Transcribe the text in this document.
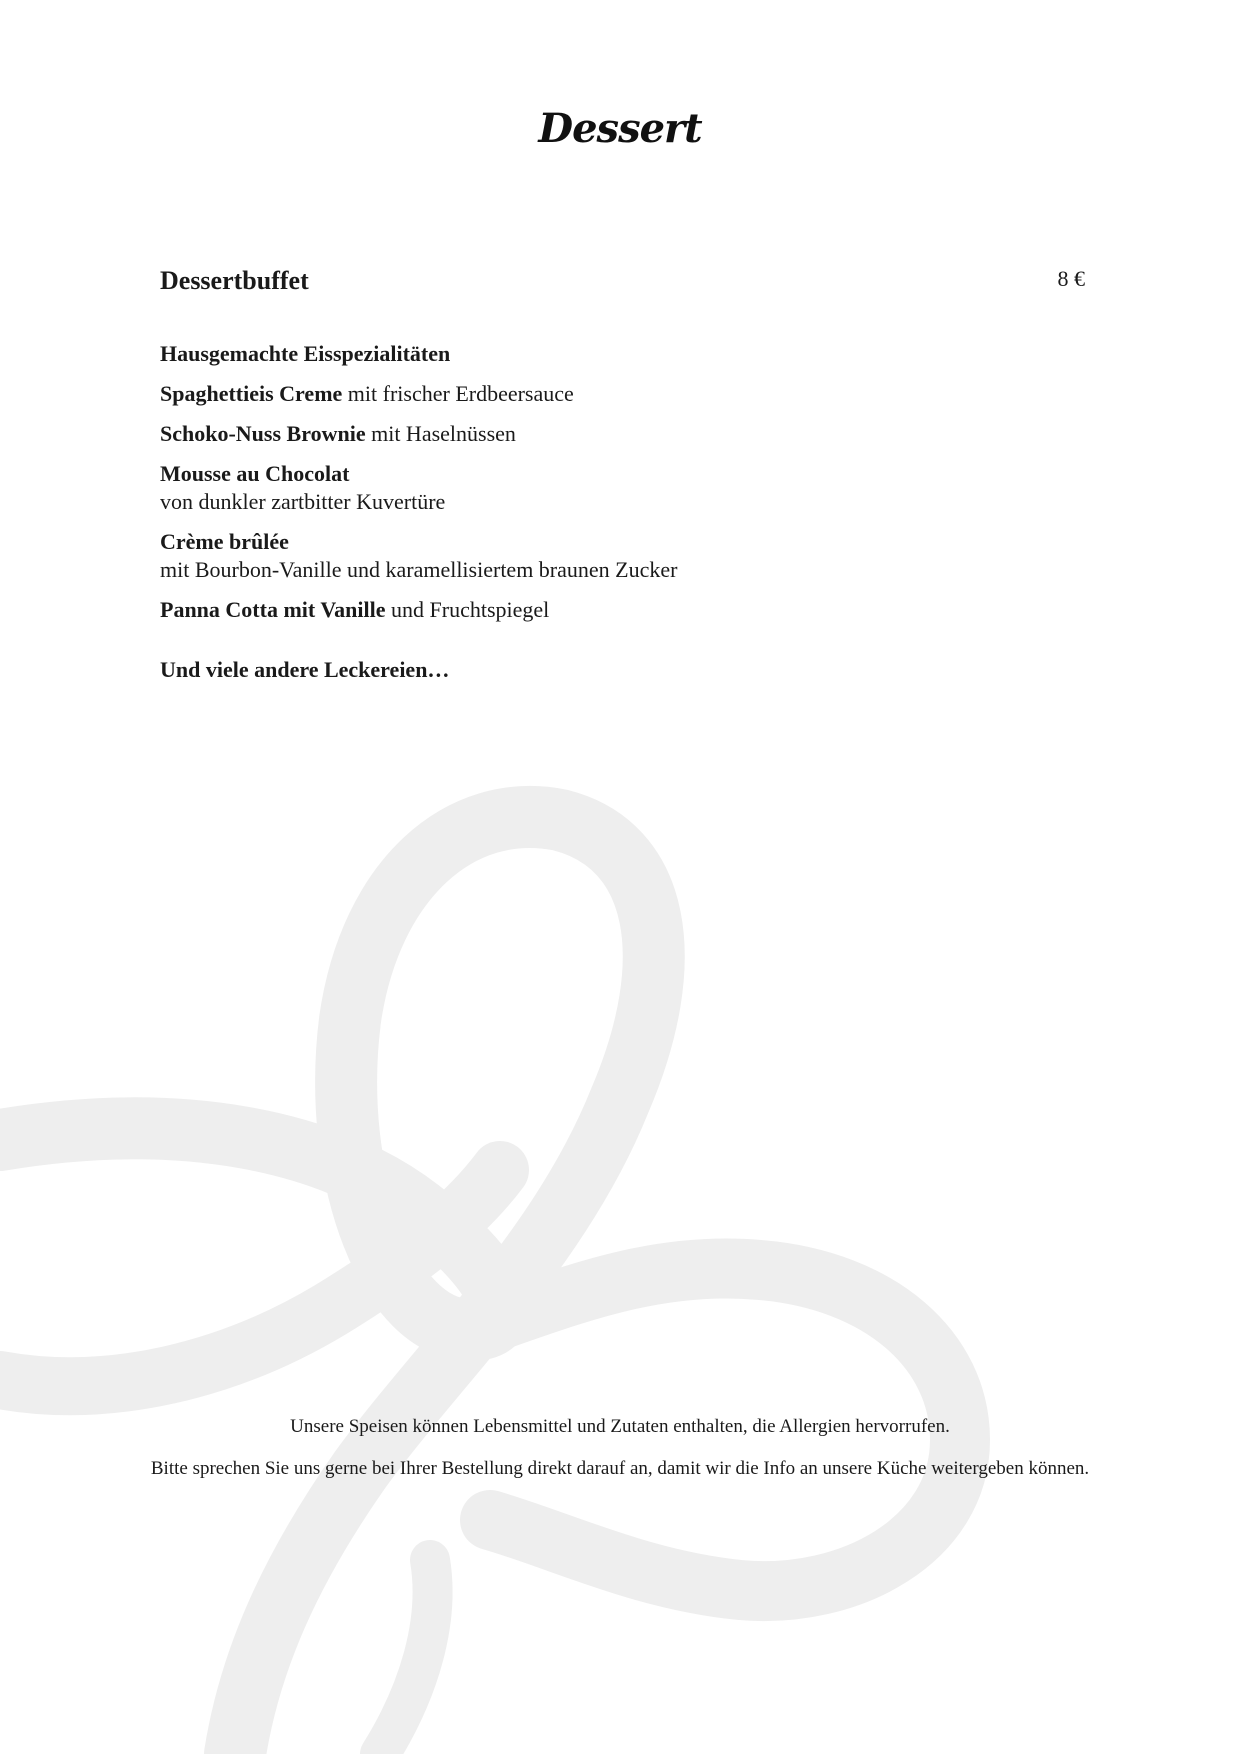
Dessert
Dessertbuffet	8 €
Hausgemachte Eisspezialitäten
Spaghettieis Creme mit frischer Erdbeersauce
Schoko-Nuss Brownie mit Haselnüssen
Mousse au Chocolat
von dunkler zartbitter Kuvertüre
Crème brûlée
mit Bourbon-Vanille und karamellisiertem braunen Zucker
Panna Cotta mit Vanille und Fruchtspiegel
Und viele andere Leckereien…

Unsere Speisen können Lebensmittel und Zutaten enthalten, die Allergien hervorrufen.

Bitte sprechen Sie uns gerne bei Ihrer Bestellung direkt darauf an, damit wir die Info an unsere Küche weitergeben können.
